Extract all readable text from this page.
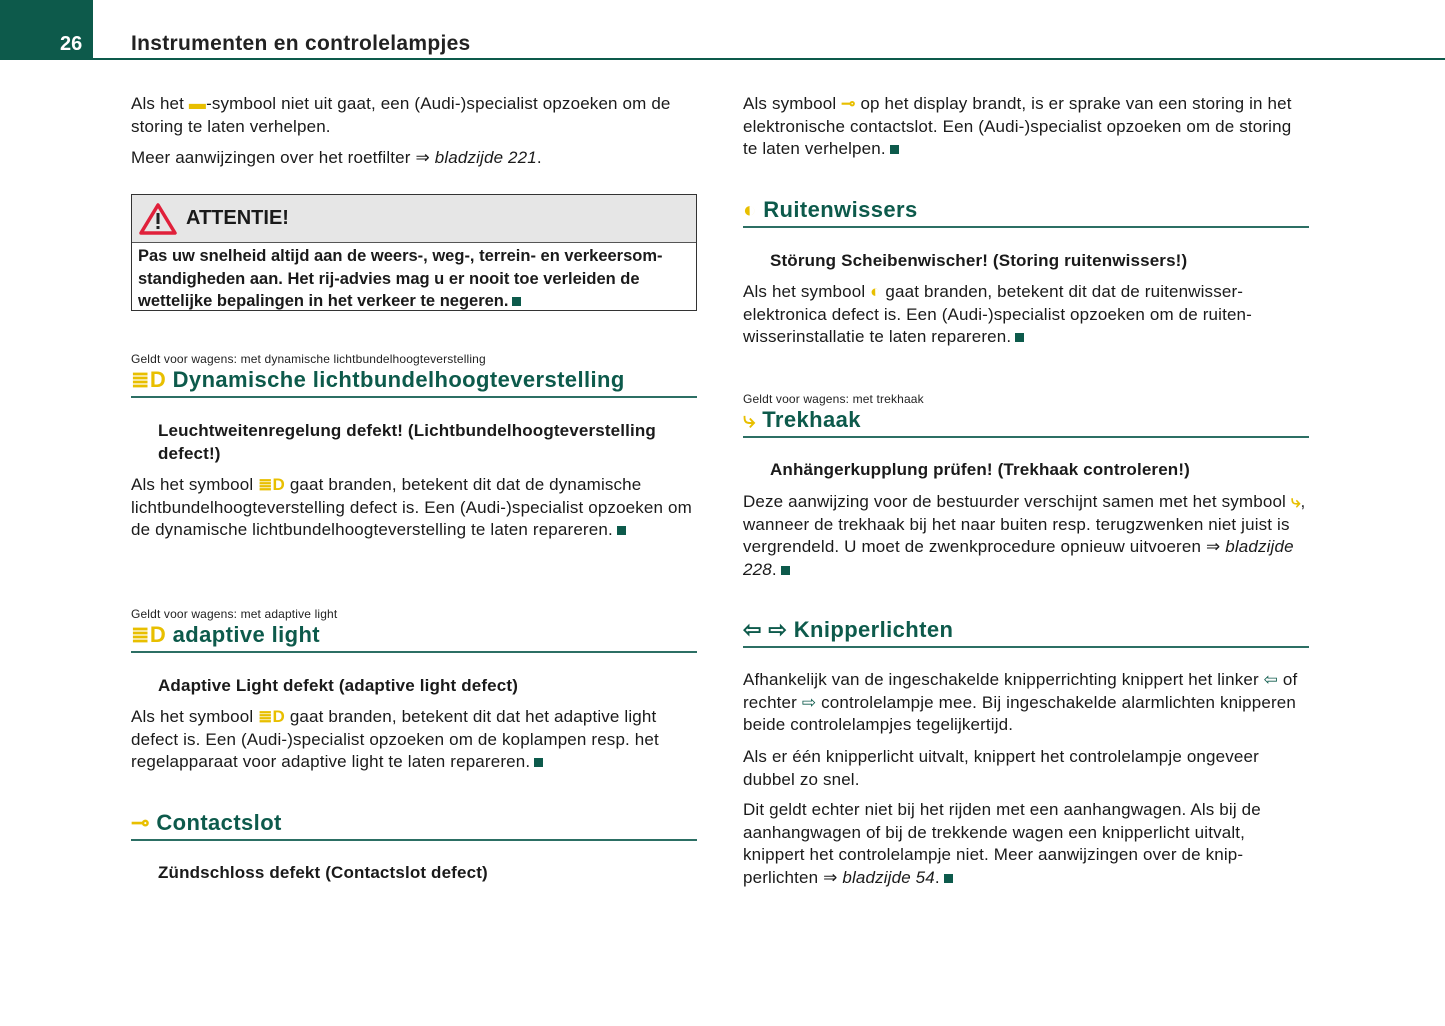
26 Instrumenten en controlelampjes
Als het ▬-symbool niet uit gaat, een (Audi-)specialist opzoeken om de storing te laten verhelpen.
Meer aanwijzingen over het roetfilter ⇒ bladzijde 221.
ATTENTIE!
Pas uw snelheid altijd aan de weers-, weg-, terrein- en verkeersomstandigheden aan. Het rij-advies mag u er nooit toe verleiden de wettelijke bepalingen in het verkeer te negeren.
Geldt voor wagens: met dynamische lichtbundelhoogteverstelling
≣D Dynamische lichtbundelhoogteverstelling
Leuchtweitenregelung defekt! (Lichtbundelhoogteverstelling defect!)
Als het symbool ≣D gaat branden, betekent dit dat de dynamische lichtbundelhoogteverstelling defect is. Een (Audi-)specialist opzoeken om de dynamische lichtbundelhoogteverstelling te laten repareren.
Geldt voor wagens: met adaptive light
≣D adaptive light
Adaptive Light defekt (adaptive light defect)
Als het symbool ≣D gaat branden, betekent dit dat het adaptive light defect is. Een (Audi-)specialist opzoeken om de koplampen resp. het regelapparaat voor adaptive light te laten repareren.
⊸ Contactslot
Zündschloss defekt (Contactslot defect)
Als symbool ⊸ op het display brandt, is er sprake van een storing in het elektronische contactslot. Een (Audi-)specialist opzoeken om de storing te laten verhelpen.
◐ Ruitenwissers
Störung Scheibenwischer! (Storing ruitenwissers!)
Als het symbool ◐ gaat branden, betekent dit dat de ruitenwisserelektronica defect is. Een (Audi-)specialist opzoeken om de ruitenwisserinstallatie te laten repareren.
Geldt voor wagens: met trekhaak
⤷ Trekhaak
Anhängerkupplung prüfen! (Trekhaak controleren!)
Deze aanwijzing voor de bestuurder verschijnt samen met het symbool ⤷, wanneer de trekhaak bij het naar buiten resp. terugzwenken niet juist is vergrendeld. U moet de zwenkprocedure opnieuw uitvoeren ⇒ bladzijde 228.
⇦ ⇨ Knipperlichten
Afhankelijk van de ingeschakelde knipperrichting knippert het linker ⇦ of rechter ⇨ controlelampje mee. Bij ingeschakelde alarmlichten knipperen beide controlelampjes tegelijkertijd.
Als er één knipperlicht uitvalt, knippert het controlelampje ongeveer dubbel zo snel.
Dit geldt echter niet bij het rijden met een aanhangwagen. Als bij de aanhangwagen of bij de trekkende wagen een knipperlicht uitvalt, knippert het controlelampje niet. Meer aanwijzingen over de knipperlichten ⇒ bladzijde 54.
